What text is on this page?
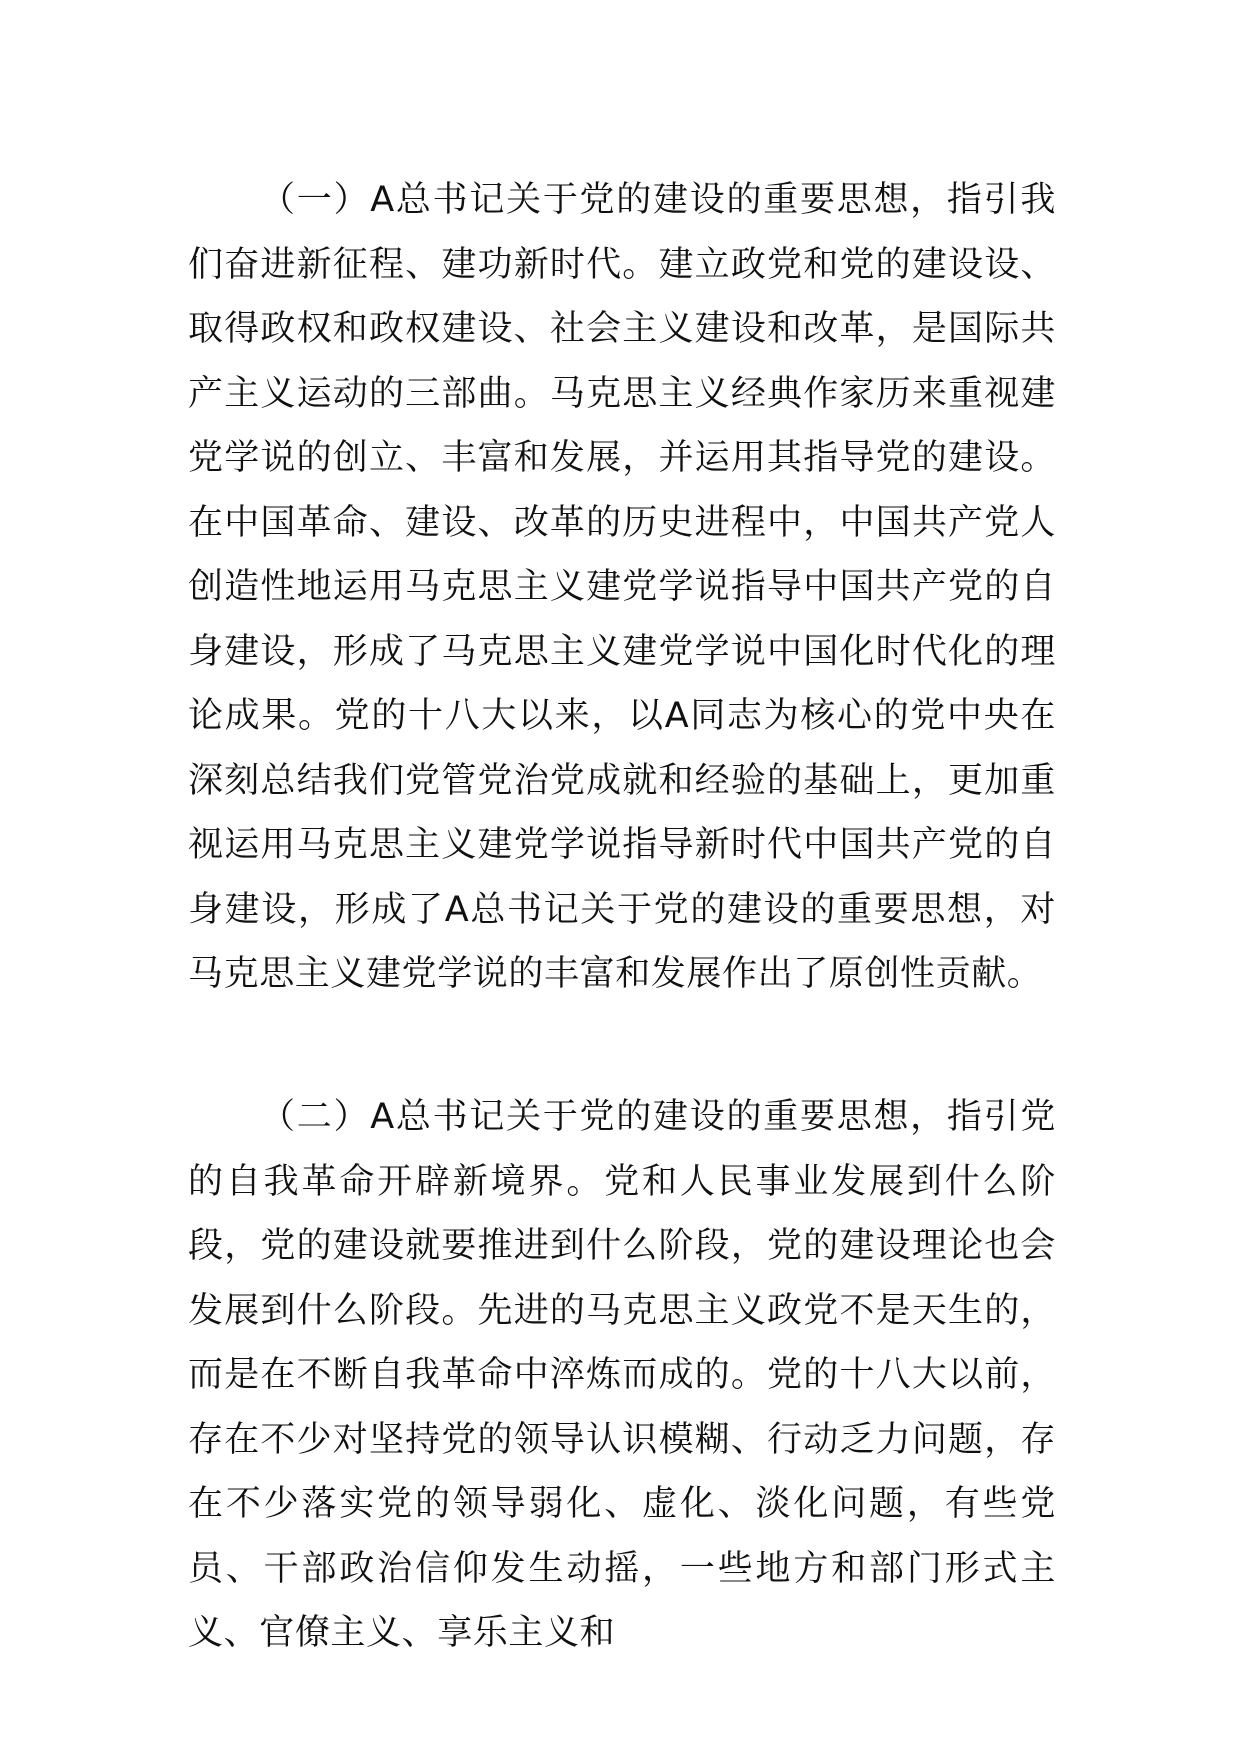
（一）A总书记关于党的建设的重要思想，指引我们奋进新征程、建功新时代。建立政党和党的建设设、取得政权和政权建设、社会主义建设和改革，是国际共产主义运动的三部曲。马克思主义经典作家历来重视建党学说的创立、丰富和发展，并运用其指导党的建设。在中国革命、建设、改革的历史进程中，中国共产党人创造性地运用马克思主义建党学说指导中国共产党的自身建设，形成了马克思主义建党学说中国化时代化的理论成果。党的十八大以来，以A同志为核心的党中央在深刻总结我们党管党治党成就和经验的基础上，更加重视运用马克思主义建党学说指导新时代中国共产党的自身建设，形成了A总书记关于党的建设的重要思想，对马克思主义建党学说的丰富和发展作出了原创性贡献。

（二）A总书记关于党的建设的重要思想，指引党的自我革命开辟新境界。党和人民事业发展到什么阶段，党的建设就要推进到什么阶段，党的建设理论也会发展到什么阶段。先进的马克思主义政党不是天生的，而是在不断自我革命中淬炼而成的。党的十八大以前，存在不少对坚持党的领导认识模糊、行动乏力问题，存在不少落实党的领导弱化、虚化、淡化问题，有些党员、干部政治信仰发生动摇，一些地方和部门形式主义、官僚主义、享乐主义和
